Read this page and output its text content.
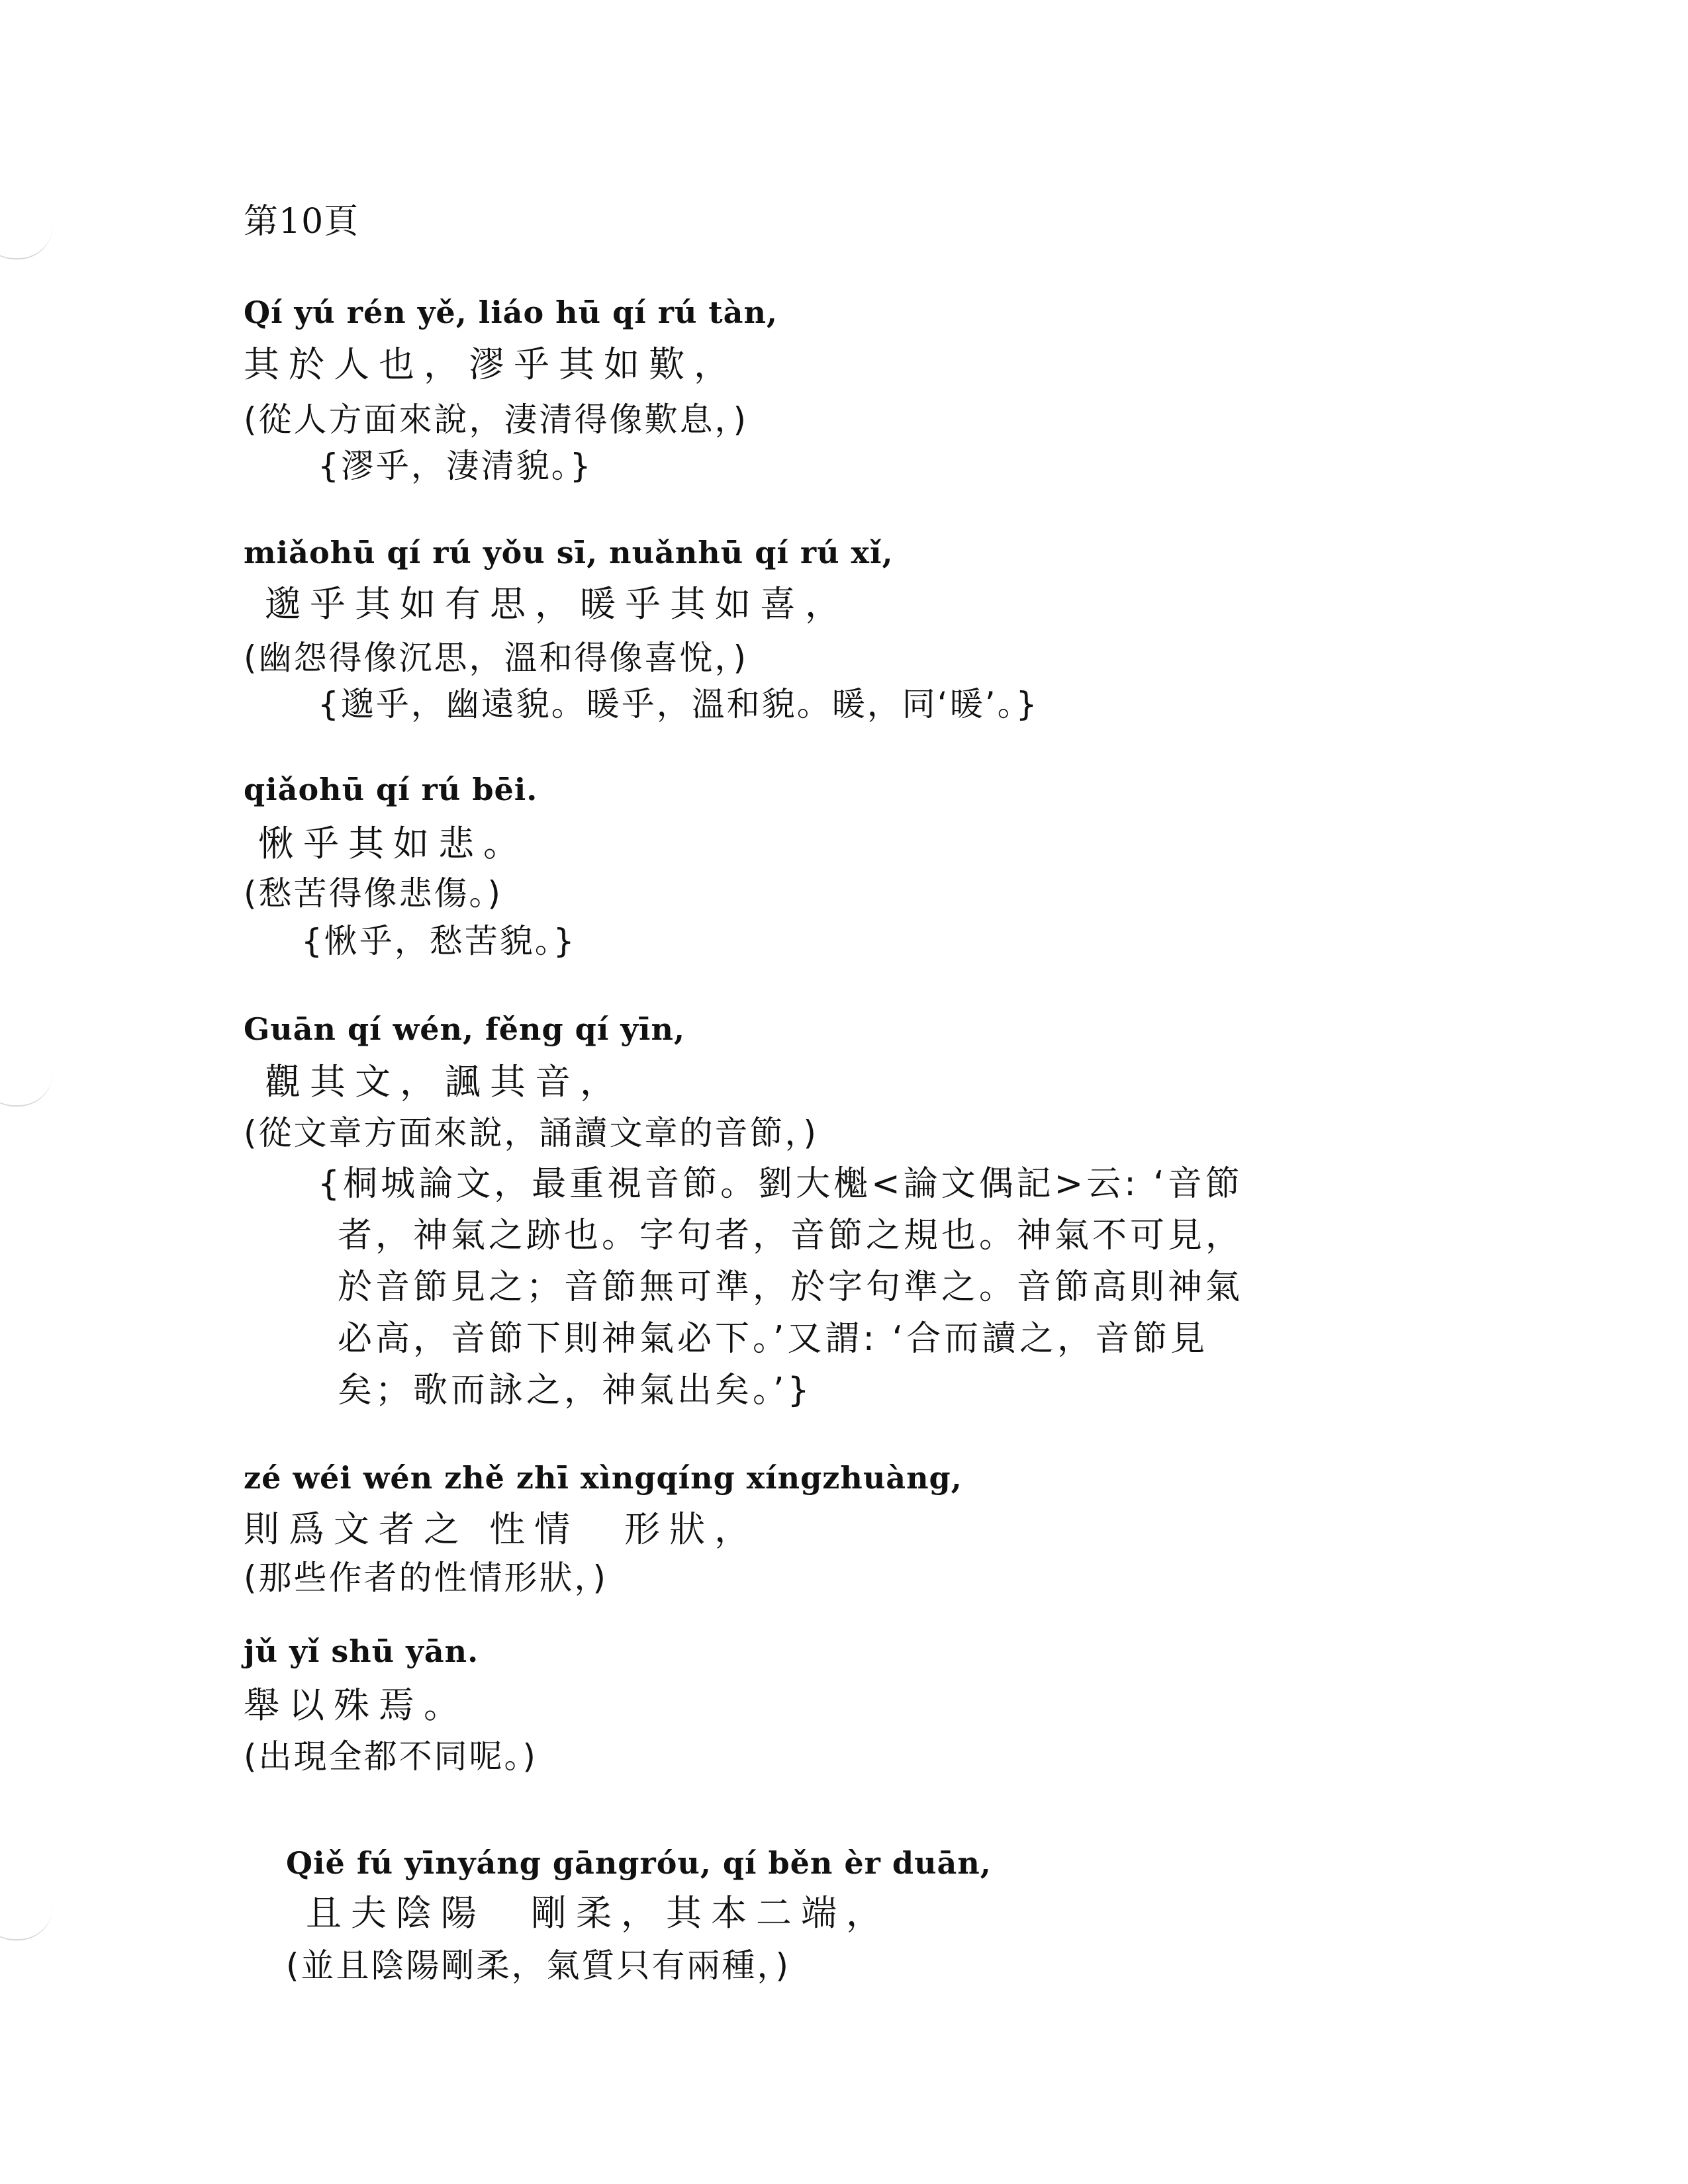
第10頁
Qí yú rén yě, liáo hū qí rú tàn,
其於人也，漻乎其如歎，
(從人方面來說，淒清得像歎息，)
{漻乎，淒清貌。}
miǎohū qí rú yǒu sī, nuǎnhū qí rú xǐ,
邈乎其如有思，暖乎其如喜，
(幽怨得像沉思，溫和得像喜悅，)
{邈乎，幽遠貌。暖乎，溫和貌。暖，同‘暖’。}
qiǎohū qí rú bēi.
愀乎其如悲。
(愁苦得像悲傷。)
{愀乎，愁苦貌。}
Guān qí wén, fěng qí yīn,
觀其文，諷其音，
(從文章方面來說，誦讀文章的音節，)
{桐城論文，最重視音節。劉大櫆<論文偶記>云: ‘音節
者，神氣之跡也。字句者，音節之規也。神氣不可見，
於音節見之；音節無可準，於字句準之。音節高則神氣
必高，音節下則神氣必下。’又謂: ‘合而讀之，音節見
矣；歌而詠之，神氣出矣。’}
zé wéi wén zhě zhī xìngqíng xíngzhuàng,
則爲文者之 性情　形狀，
(那些作者的性情形狀，)
jǔ yǐ shū yān.
舉以殊焉。
(出現全都不同呢。)
Qiě fú yīnyáng gāngróu, qí běn èr duān,
且夫陰陽　剛柔，其本二端，
(並且陰陽剛柔，氣質只有兩種，)
